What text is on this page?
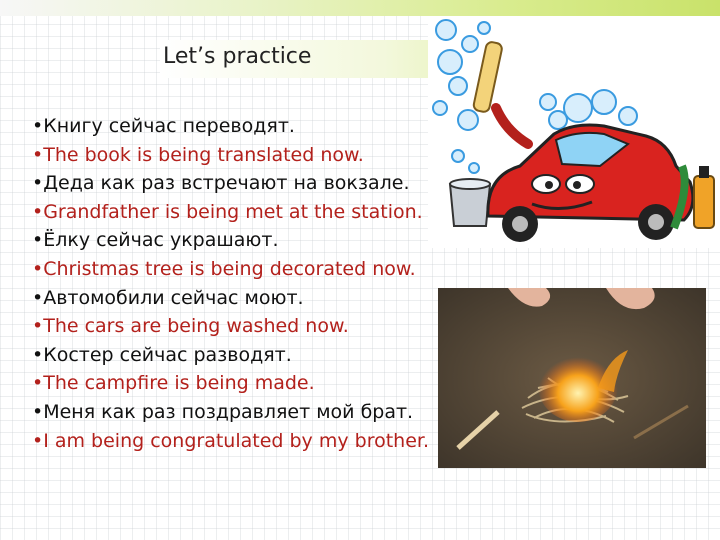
Let’s practice
•Книгу сейчас переводят.
•The book is being translated now.
•Деда как раз встречают на вокзале.
•Grandfather is being met at the station.
•Ёлку сейчас украшают.
•Christmas tree is being decorated now.
•Автомобили сейчас моют.
•The cars are being washed now.
•Костер сейчас разводят.
•The campfire is being made.
•Меня как раз поздравляет мой брат.
•I am being congratulated by my brother.
